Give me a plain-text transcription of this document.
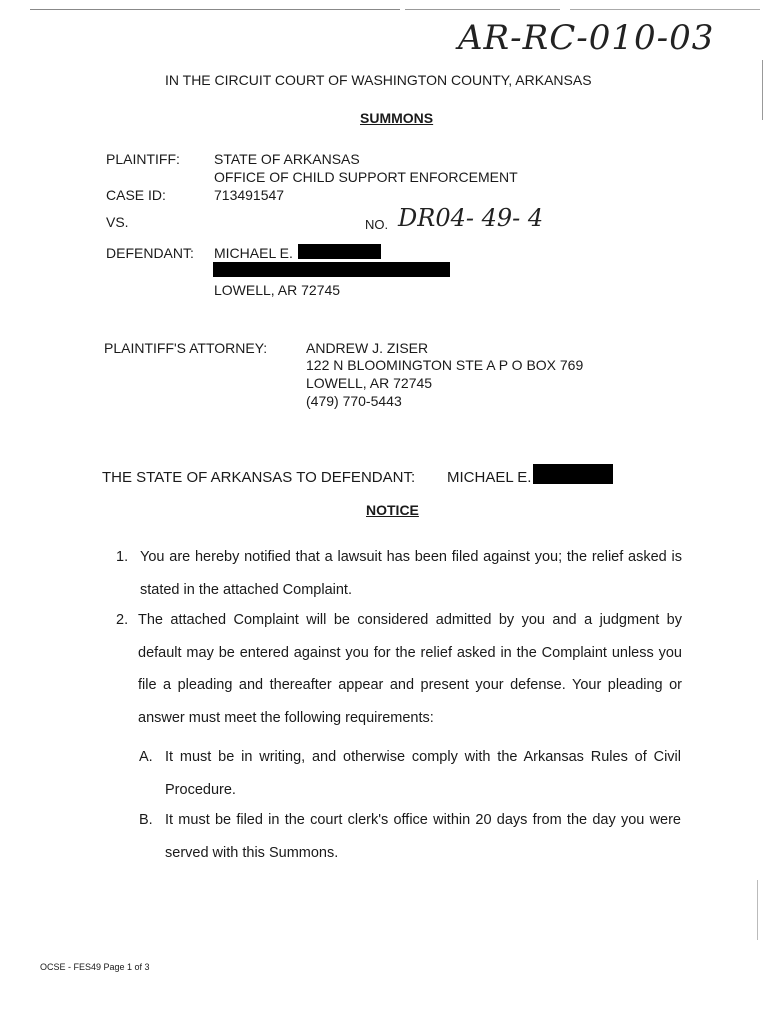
AR-RC-010-03
IN THE CIRCUIT COURT OF WASHINGTON COUNTY, ARKANSAS
SUMMONS
PLAINTIFF: STATE OF ARKANSAS
OFFICE OF CHILD SUPPORT ENFORCEMENT
CASE ID:	713491547
VS.	NO. DR04- 49- 4
DEFENDANT: MICHAEL E.
LOWELL, AR 72745
PLAINTIFF'S ATTORNEY:	ANDREW J. ZISER
122 N BLOOMINGTON STE A P O BOX 769
LOWELL, AR 72745
(479) 770-5443
THE STATE OF ARKANSAS TO DEFENDANT: MICHAEL E.
NOTICE
1. You are hereby notified that a lawsuit has been filed against you; the relief asked is stated in the attached Complaint.
2. The attached Complaint will be considered admitted by you and a judgment by default may be entered against you for the relief asked in the Complaint unless you file a pleading and thereafter appear and present your defense. Your pleading or answer must meet the following requirements:
A. It must be in writing, and otherwise comply with the Arkansas Rules of Civil Procedure.
B. It must be filed in the court clerk's office within 20 days from the day you were served with this Summons.
OCSE - FES49 Page 1 of 3
